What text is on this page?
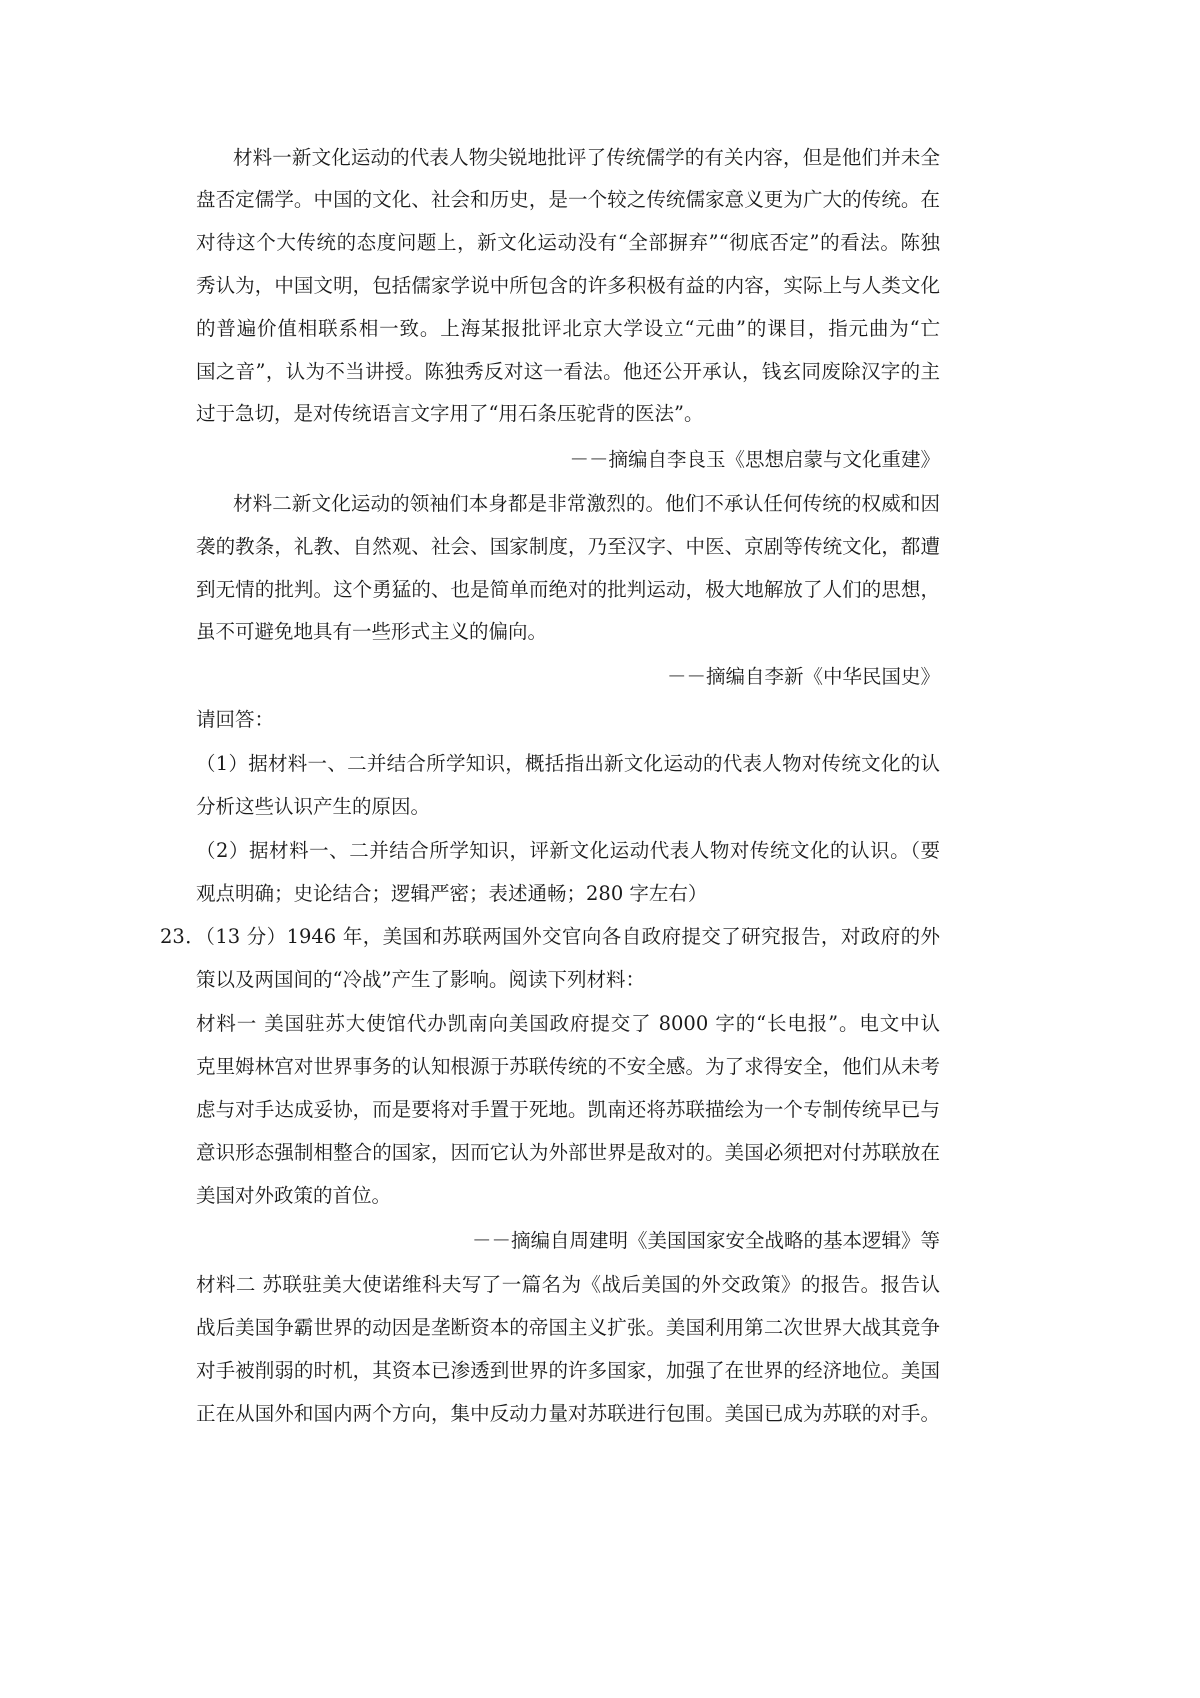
材料一新文化运动的代表人物尖锐地批评了传统儒学的有关内容，但是他们并未全
盘否定儒学。中国的文化、社会和历史，是一个较之传统儒家意义更为广大的传统。在
对待这个大传统的态度问题上，新文化运动没有“全部摒弃”“彻底否定”的看法。陈独
秀认为，中国文明，包括儒家学说中所包含的许多积极有益的内容，实际上与人类文化
的普遍价值相联系相一致。上海某报批评北京大学设立“元曲”的课目，指元曲为“亡
国之音”，认为不当讲授。陈独秀反对这一看法。他还公开承认，钱玄同废除汉字的主
过于急切，是对传统语言文字用了“用石条压驼背的医法”。
－－摘编自李良玉《思想启蒙与文化重建》
材料二新文化运动的领袖们本身都是非常激烈的。他们不承认任何传统的权威和因
袭的教条，礼教、自然观、社会、国家制度，乃至汉字、中医、京剧等传统文化，都遭
到无情的批判。这个勇猛的、也是简单而绝对的批判运动，极大地解放了人们的思想，
虽不可避免地具有一些形式主义的偏向。
－－摘编自李新《中华民国史》
请回答：
（1）据材料一、二并结合所学知识，概括指出新文化运动的代表人物对传统文化的认
分析这些认识产生的原因。
（2）据材料一、二并结合所学知识，评新文化运动代表人物对传统文化的认识。（要
观点明确；史论结合；逻辑严密；表述通畅；280 字左右）
23．（13 分）1946 年，美国和苏联两国外交官向各自政府提交了研究报告，对政府的外
策以及两国间的“冷战”产生了影响。阅读下列材料：
材料一 美国驻苏大使馆代办凯南向美国政府提交了 8000 字的“长电报”。电文中认
克里姆林宫对世界事务的认知根源于苏联传统的不安全感。为了求得安全，他们从未考
虑与对手达成妥协，而是要将对手置于死地。凯南还将苏联描绘为一个专制传统早已与
意识形态强制相整合的国家，因而它认为外部世界是敌对的。美国必须把对付苏联放在
美国对外政策的首位。
－－摘编自周建明《美国国家安全战略的基本逻辑》等
材料二 苏联驻美大使诺维科夫写了一篇名为《战后美国的外交政策》的报告。报告认
战后美国争霸世界的动因是垄断资本的帝国主义扩张。美国利用第二次世界大战其竞争
对手被削弱的时机，其资本已渗透到世界的许多国家，加强了在世界的经济地位。美国
正在从国外和国内两个方向，集中反动力量对苏联进行包围。美国已成为苏联的对手。
